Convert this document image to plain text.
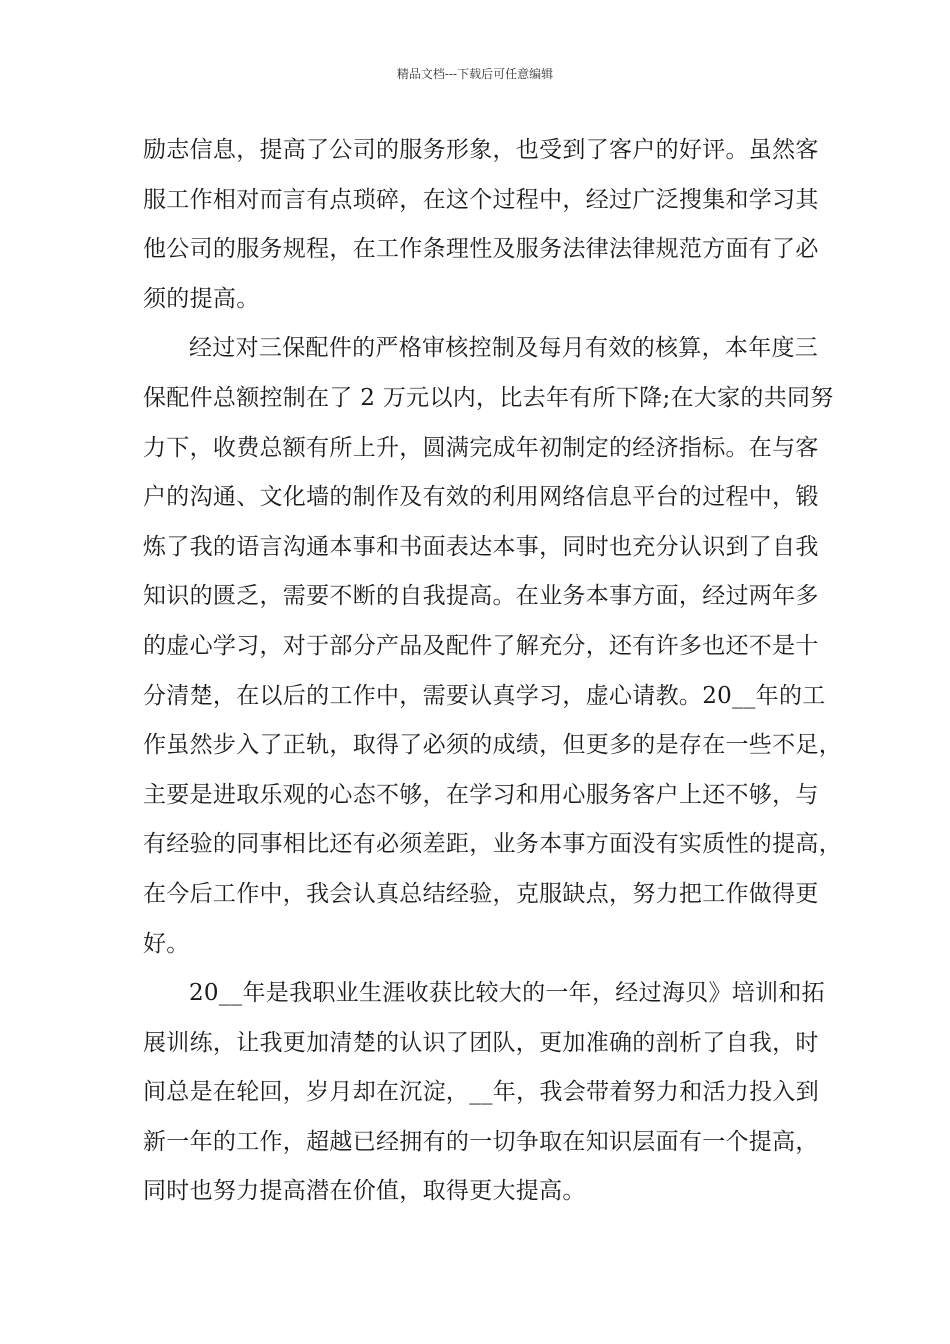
精品文档---下载后可任意编辑
励志信息，提高了公司的服务形象，也受到了客户的好评。虽然客
服工作相对而言有点琐碎，在这个过程中，经过广泛搜集和学习其
他公司的服务规程，在工作条理性及服务法律法律规范方面有了必
须的提高。
经过对三保配件的严格审核控制及每月有效的核算，本年度三
保配件总额控制在了 2 万元以内，比去年有所下降;在大家的共同努
力下，收费总额有所上升，圆满完成年初制定的经济指标。在与客
户的沟通、文化墙的制作及有效的利用网络信息平台的过程中，锻
炼了我的语言沟通本事和书面表达本事，同时也充分认识到了自我
知识的匮乏，需要不断的自我提高。在业务本事方面，经过两年多
的虚心学习，对于部分产品及配件了解充分，还有许多也还不是十
分清楚，在以后的工作中，需要认真学习，虚心请教。20__年的工
作虽然步入了正轨，取得了必须的成绩，但更多的是存在一些不足，
主要是进取乐观的心态不够，在学习和用心服务客户上还不够，与
有经验的同事相比还有必须差距，业务本事方面没有实质性的提高，
在今后工作中，我会认真总结经验，克服缺点，努力把工作做得更
好。
20__年是我职业生涯收获比较大的一年，经过海贝》培训和拓
展训练，让我更加清楚的认识了团队，更加准确的剖析了自我，时
间总是在轮回，岁月却在沉淀，__年，我会带着努力和活力投入到
新一年的工作，超越已经拥有的一切争取在知识层面有一个提高，
同时也努力提高潜在价值，取得更大提高。
